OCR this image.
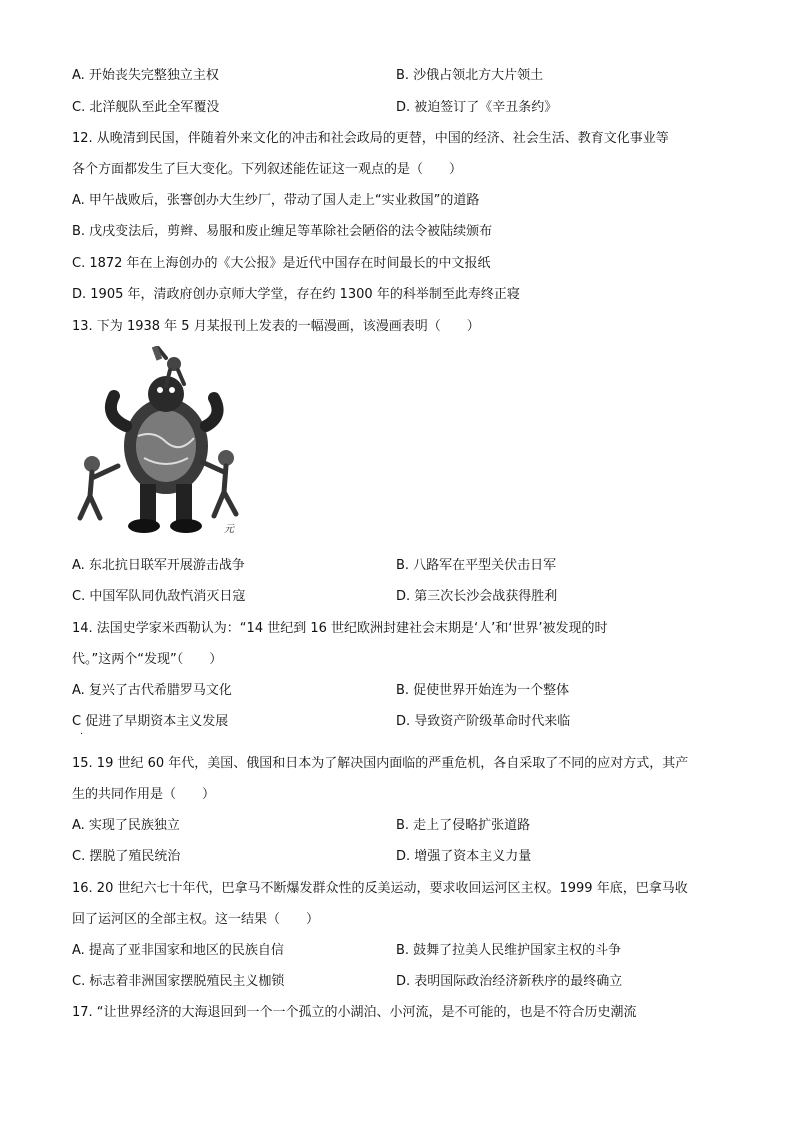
A. 开始丧失完整独立主权	B. 沙俄占领北方大片领土
C. 北洋舰队至此全军覆没	D. 被迫签订了《辛丑条约》
12. 从晚清到民国，伴随着外来文化的冲击和社会政局的更替，中国的经济、社会生活、教育文化事业等
各个方面都发生了巨大变化。下列叙述能佐证这一观点的是（　　）
A. 甲午战败后，张謇创办大生纱厂，带动了国人走上“实业救国”的道路
B. 戊戌变法后，剪辫、易服和废止缠足等革除社会陋俗的法令被陆续颁布
C. 1872 年在上海创办的《大公报》是近代中国存在时间最长的中文报纸
D. 1905 年，清政府创办京师大学堂，存在约 1300 年的科举制至此寿终正寝
13. 下为 1938 年 5 月某报刊上发表的一幅漫画，该漫画表明（　　）
元
A. 东北抗日联军开展游击战争	B. 八路军在平型关伏击日军
C. 中国军队同仇敌忾消灭日寇	D. 第三次长沙会战获得胜利
14. 法国史学家米西勒认为：“14 世纪到 16 世纪欧洲封建社会末期是‘人’和‘世界’被发现的时
代。”这两个“发现”（　　）
A. 复兴了古代希腊罗马文化	B. 促使世界开始连为一个整体
C 促进了早期资本主义发展	D. 导致资产阶级革命时代来临
·
15. 19 世纪 60 年代，美国、俄国和日本为了解决国内面临的严重危机，各自采取了不同的应对方式，其产
生的共同作用是（　　）
A. 实现了民族独立	B. 走上了侵略扩张道路
C. 摆脱了殖民统治	D. 增强了资本主义力量
16. 20 世纪六七十年代，巴拿马不断爆发群众性的反美运动，要求收回运河区主权。1999 年底，巴拿马收
回了运河区的全部主权。这一结果（　　）
A. 提高了亚非国家和地区的民族自信	B. 鼓舞了拉美人民维护国家主权的斗争
C. 标志着非洲国家摆脱殖民主义枷锁	D. 表明国际政治经济新秩序的最终确立
17. “让世界经济的大海退回到一个一个孤立的小湖泊、小河流，是不可能的，也是不符合历史潮流
